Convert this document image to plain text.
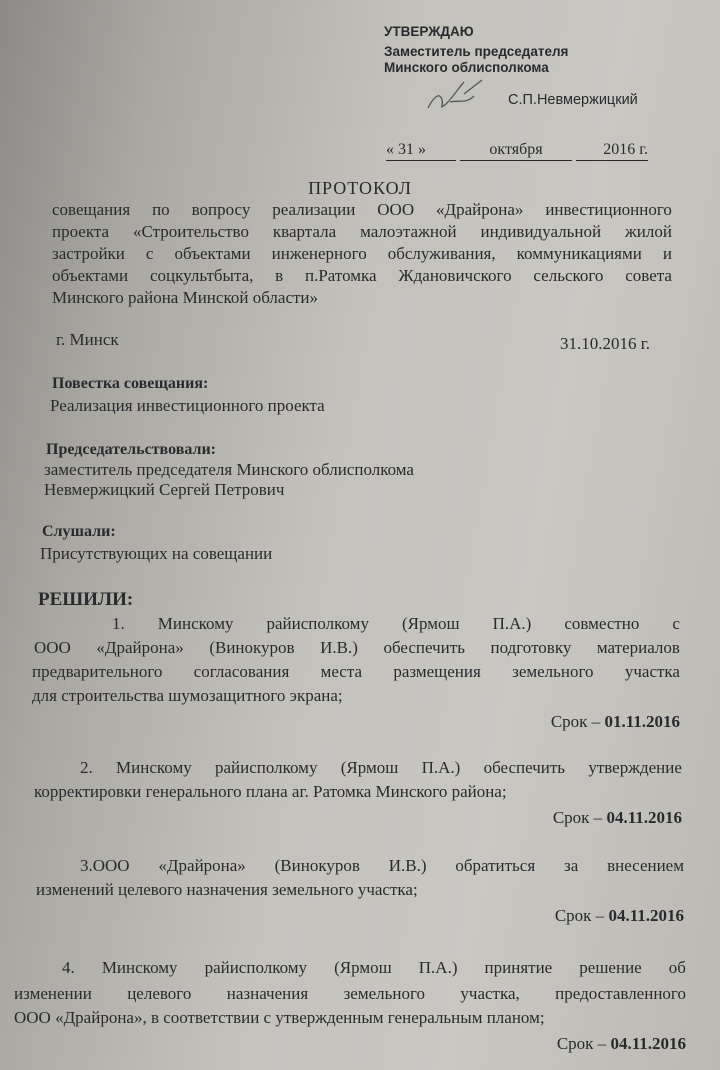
УТВЕРЖДАЮ
Заместитель председателя
Минского облисполкома
С.П.Невмержицкий
« 31 »	октября	2016 г.
ПРОТОКОЛ
совещания по вопросу реализации ООО «Драйрона» инвестиционного
проекта «Строительство квартала малоэтажной индивидуальной жилой
застройки с объектами инженерного обслуживания, коммуникациями и
объектами соцкультбыта, в п.Ратомка Ждановичского сельского совета
Минского района Минской области»
г. Минск	31.10.2016 г.
Повестка совещания:
Реализация инвестиционного проекта
Председательствовали:
заместитель председателя Минского облисполкома
Невмержицкий Сергей Петрович
Слушали:
Присутствующих на совещании
РЕШИЛИ:
1. Минскому райисполкому (Ярмош П.А.) совместно с
ООО «Драйрона» (Винокуров И.В.) обеспечить подготовку материалов
предварительного согласования места размещения земельного участка
для строительства шумозащитного экрана;
Срок – 01.11.2016
2. Минскому райисполкому (Ярмош П.А.) обеспечить утверждение
корректировки генерального плана аг. Ратомка Минского района;
Срок – 04.11.2016
3.ООО «Драйрона» (Винокуров И.В.) обратиться за внесением
изменений целевого назначения земельного участка;
Срок – 04.11.2016
4. Минскому райисполкому (Ярмош П.А.) принятие решение об
изменении целевого назначения земельного участка, предоставленного
ООО «Драйрона», в соответствии с утвержденным генеральным планом;
Срок – 04.11.2016
